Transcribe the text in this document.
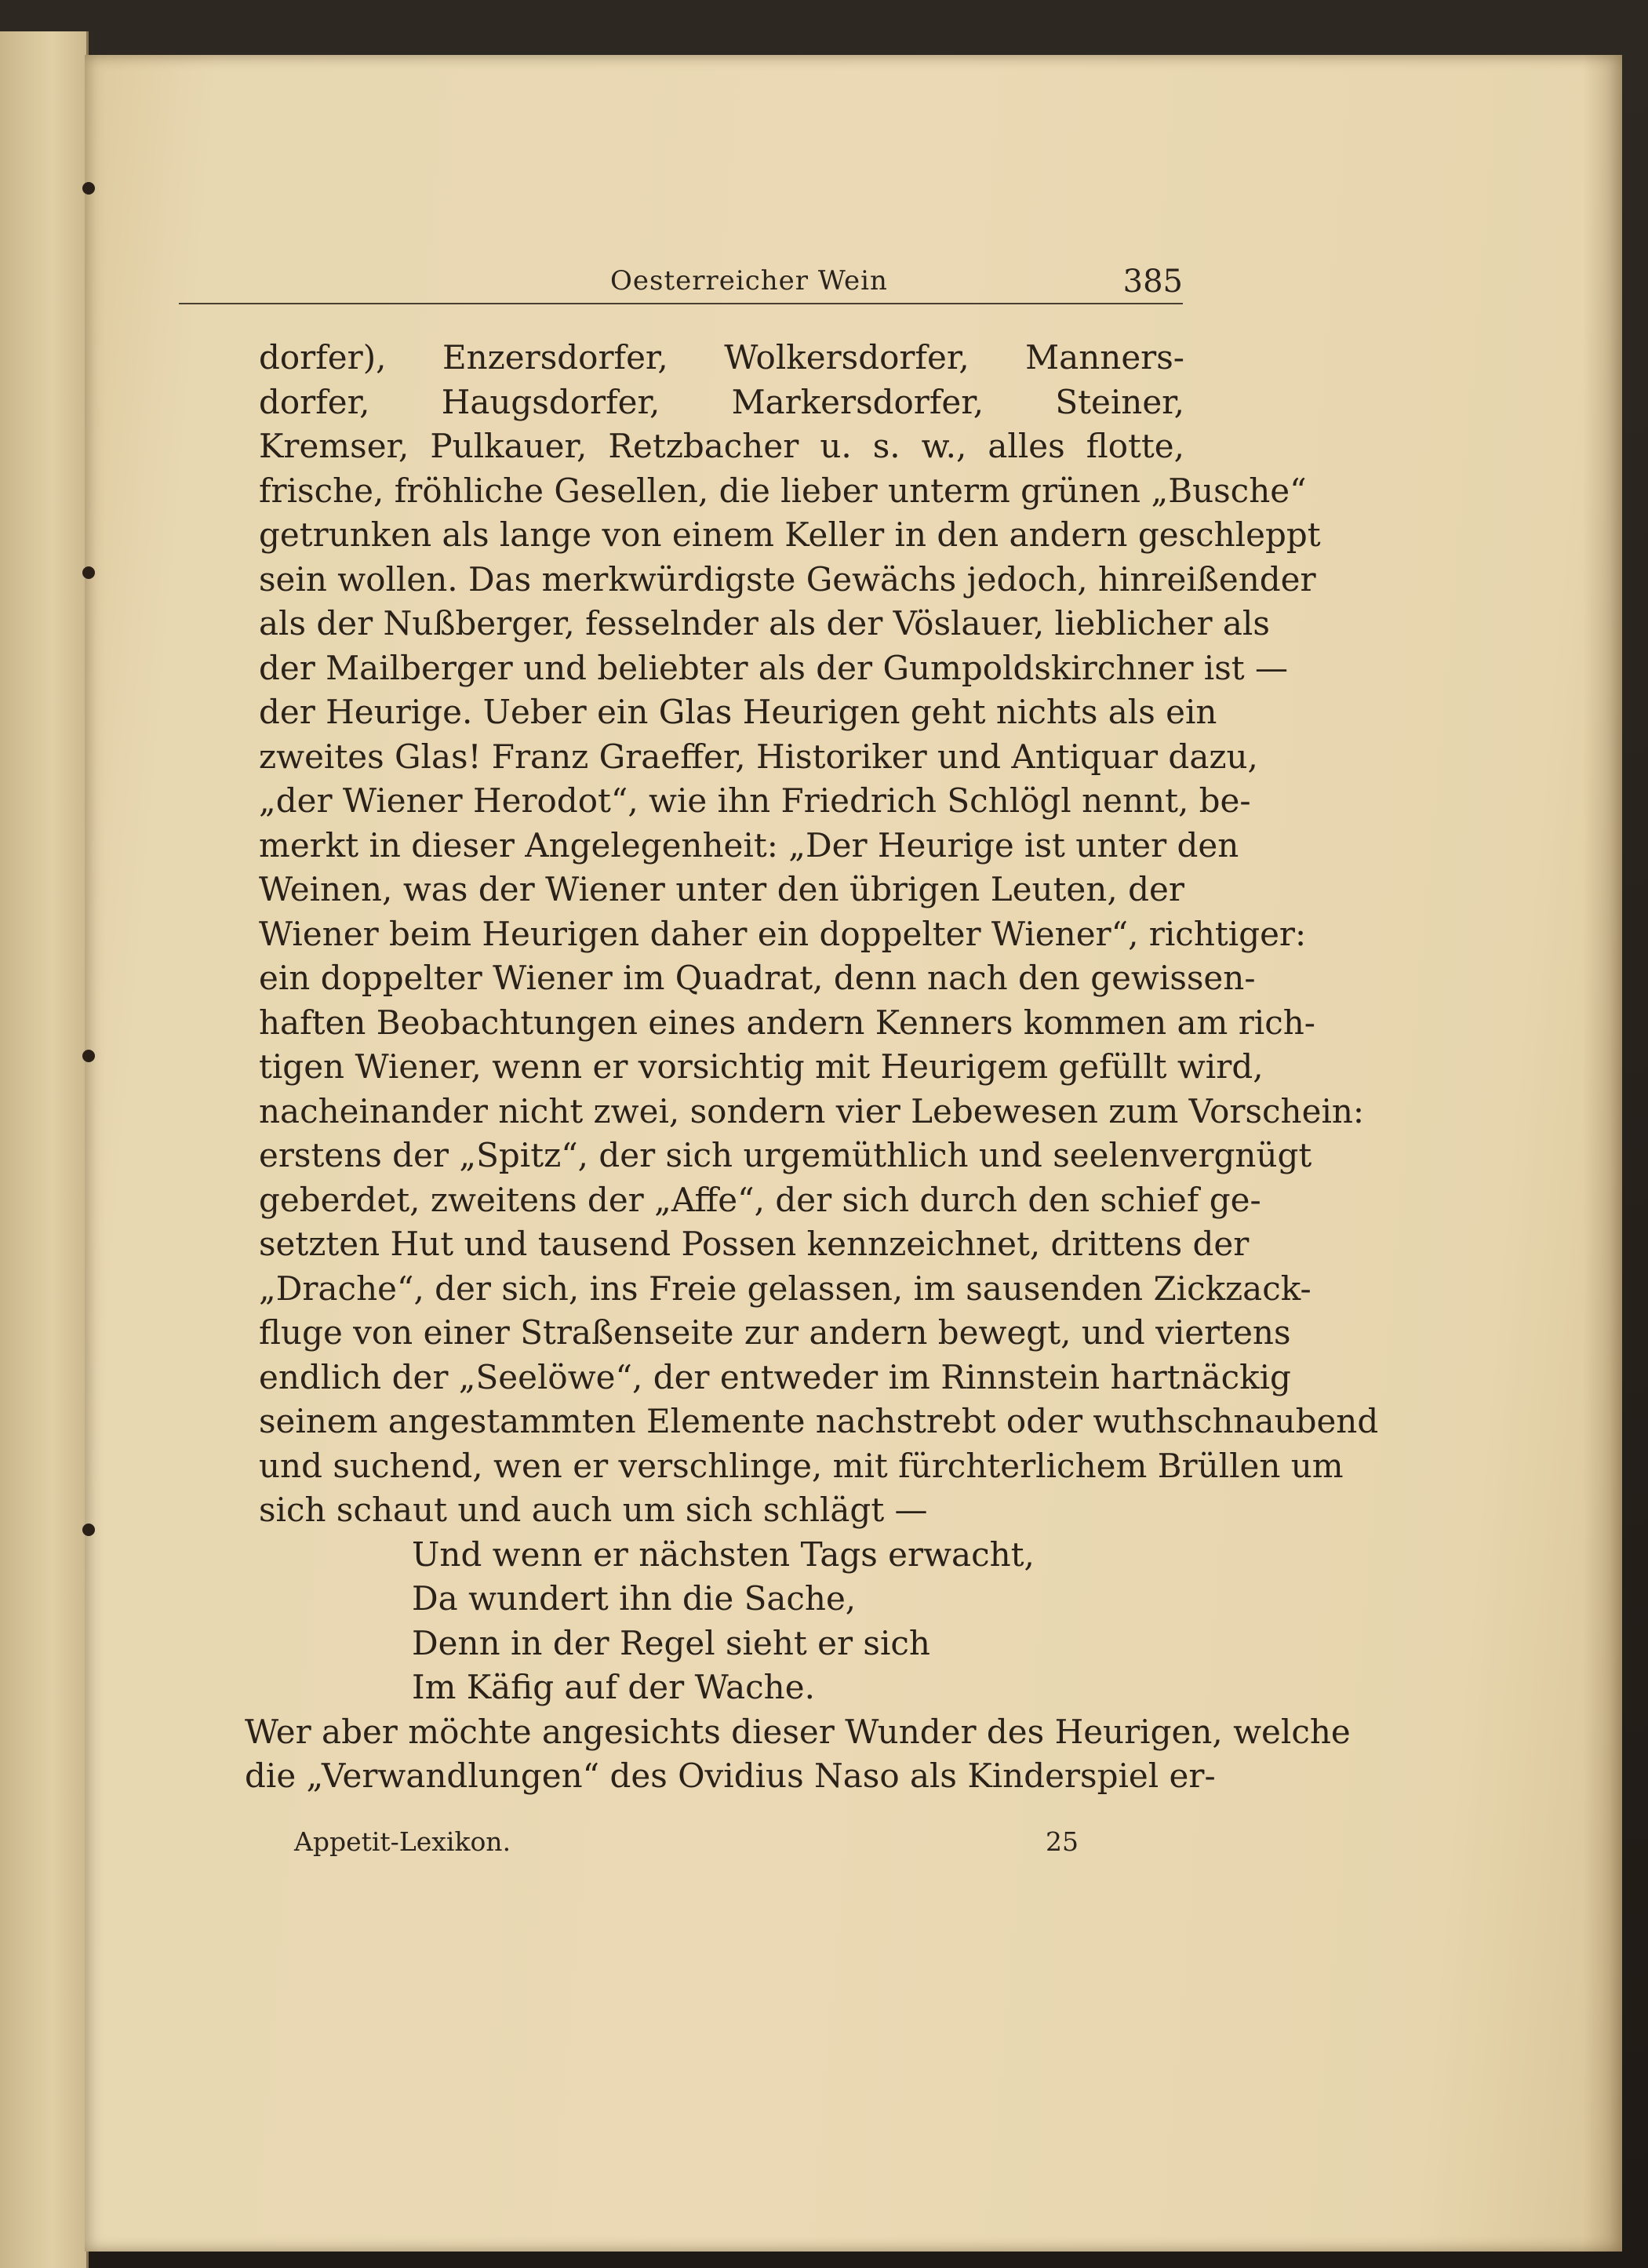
Oesterreicher Wein	385
dorfer), Enzersdorfer, Wolkersdorfer, Manners-
dorfer, Haugsdorfer, Markersdorfer, Steiner,
Kremser, Pulkauer, Retzbacher u. s. w., alles flotte,
frische, fröhliche Gesellen, die lieber unterm grünen „Busche“
getrunken als lange von einem Keller in den andern geschleppt
sein wollen. Das merkwürdigste Gewächs jedoch, hinreißender
als der Nußberger, fesselnder als der Vöslauer, lieblicher als
der Mailberger und beliebter als der Gumpoldskirchner ist —
der Heurige. Ueber ein Glas Heurigen geht nichts als ein
zweites Glas! Franz Graeffer, Historiker und Antiquar dazu,
„der Wiener Herodot“, wie ihn Friedrich Schlögl nennt, be-
merkt in dieser Angelegenheit: „Der Heurige ist unter den
Weinen, was der Wiener unter den übrigen Leuten, der
Wiener beim Heurigen daher ein doppelter Wiener“, richtiger:
ein doppelter Wiener im Quadrat, denn nach den gewissen-
haften Beobachtungen eines andern Kenners kommen am rich-
tigen Wiener, wenn er vorsichtig mit Heurigem gefüllt wird,
nacheinander nicht zwei, sondern vier Lebewesen zum Vorschein:
erstens der „Spitz“, der sich urgemüthlich und seelenvergnügt
geberdet, zweitens der „Affe“, der sich durch den schief ge-
setzten Hut und tausend Possen kennzeichnet, drittens der
„Drache“, der sich, ins Freie gelassen, im sausenden Zickzack-
fluge von einer Straßenseite zur andern bewegt, und viertens
endlich der „Seelöwe“, der entweder im Rinnstein hartnäckig
seinem angestammten Elemente nachstrebt oder wuthschnaubend
und suchend, wen er verschlinge, mit fürchterlichem Brüllen um
sich schaut und auch um sich schlägt —
Und wenn er nächsten Tags erwacht,
Da wundert ihn die Sache,
Denn in der Regel sieht er sich
Im Käfig auf der Wache.
Wer aber möchte angesichts dieser Wunder des Heurigen, welche
die „Verwandlungen“ des Ovidius Naso als Kinderspiel er-
Appetit-Lexikon.	25
